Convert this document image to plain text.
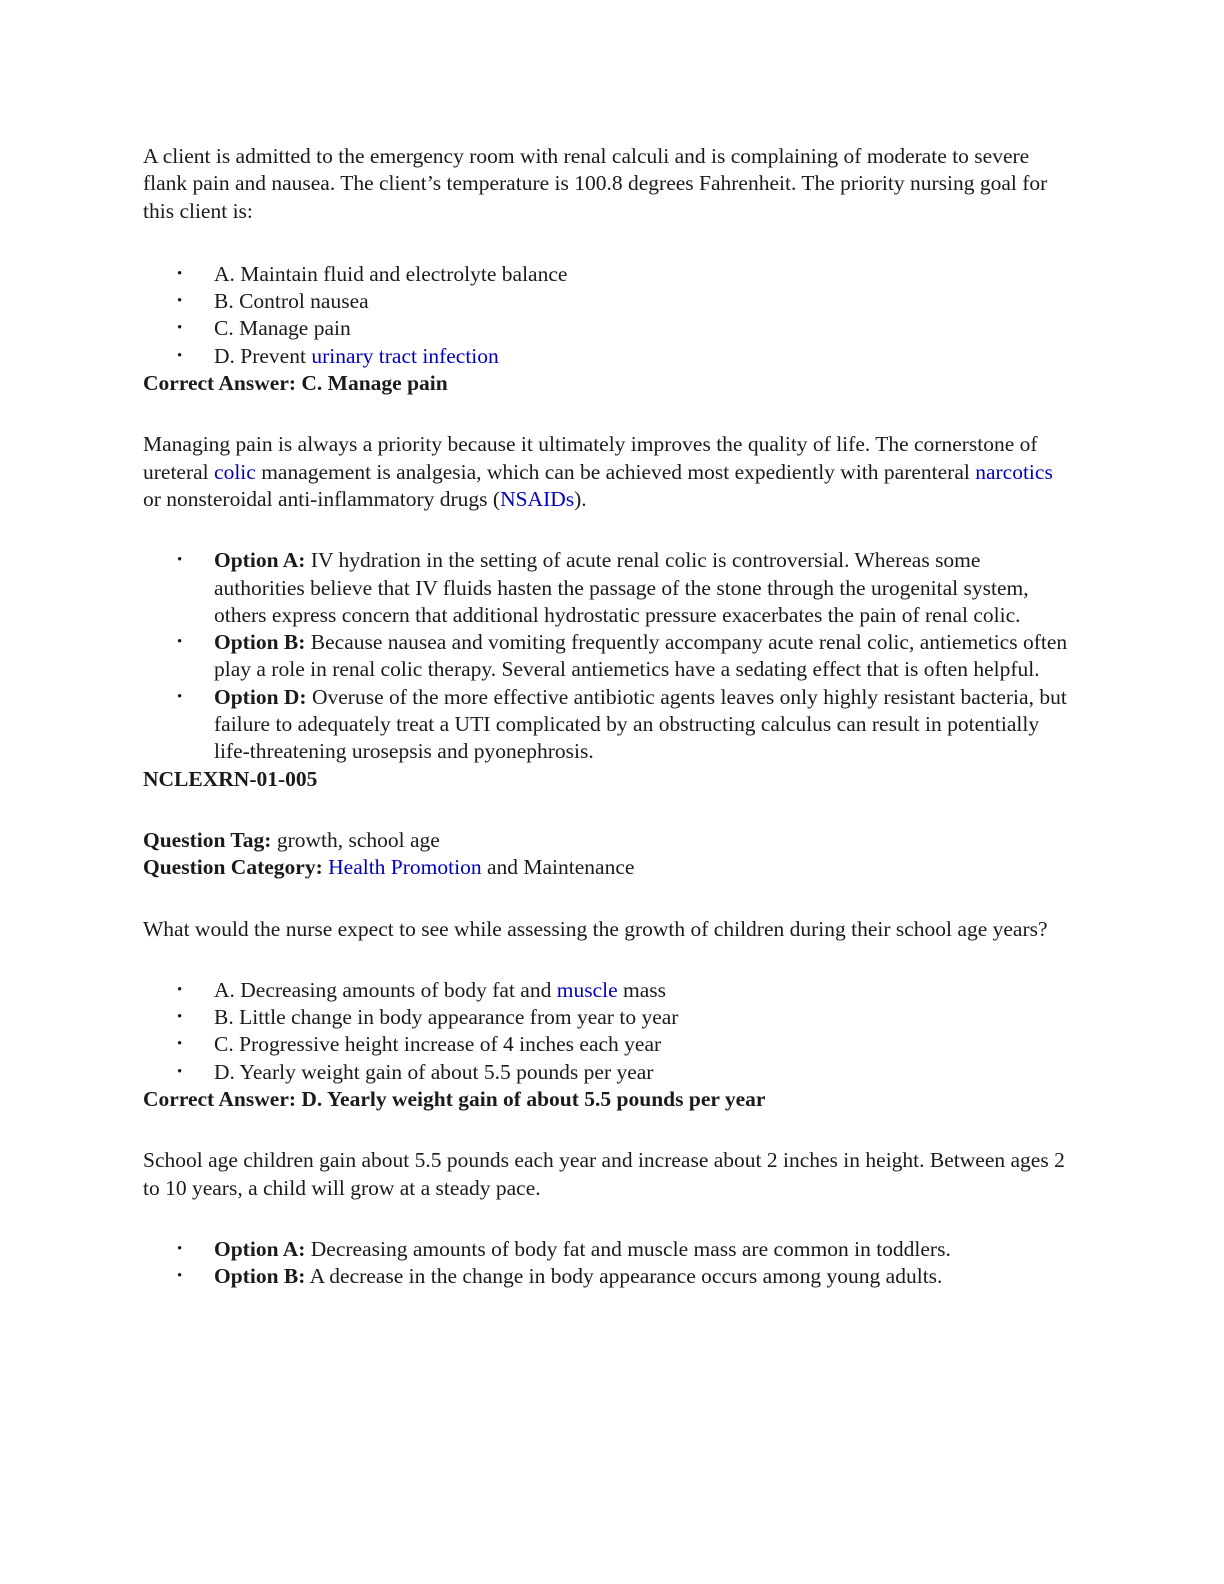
A client is admitted to the emergency room with renal calculi and is complaining of moderate to severe flank pain and nausea. The client’s temperature is 100.8 degrees Fahrenheit. The priority nursing goal for this client is:

• A. Maintain fluid and electrolyte balance
• B. Control nausea
• C. Manage pain
• D. Prevent urinary tract infection

Correct Answer: C. Manage pain

Managing pain is always a priority because it ultimately improves the quality of life. The cornerstone of ureteral colic management is analgesia, which can be achieved most expediently with parenteral narcotics or nonsteroidal anti-inflammatory drugs (NSAIDs).

• Option A: IV hydration in the setting of acute renal colic is controversial. Whereas some authorities believe that IV fluids hasten the passage of the stone through the urogenital system, others express concern that additional hydrostatic pressure exacerbates the pain of renal colic.
• Option B: Because nausea and vomiting frequently accompany acute renal colic, antiemetics often play a role in renal colic therapy. Several antiemetics have a sedating effect that is often helpful.
• Option D: Overuse of the more effective antibiotic agents leaves only highly resistant bacteria, but failure to adequately treat a UTI complicated by an obstructing calculus can result in potentially life-threatening urosepsis and pyonephrosis.

NCLEXRN-01-005

Question Tag: growth, school age

Question Category: Health Promotion and Maintenance

What would the nurse expect to see while assessing the growth of children during their school age years?

• A. Decreasing amounts of body fat and muscle mass
• B. Little change in body appearance from year to year
• C. Progressive height increase of 4 inches each year
• D. Yearly weight gain of about 5.5 pounds per year

Correct Answer: D. Yearly weight gain of about 5.5 pounds per year

School age children gain about 5.5 pounds each year and increase about 2 inches in height. Between ages 2 to 10 years, a child will grow at a steady pace.

• Option A: Decreasing amounts of body fat and muscle mass are common in toddlers.
• Option B: A decrease in the change in body appearance occurs among young adults.
